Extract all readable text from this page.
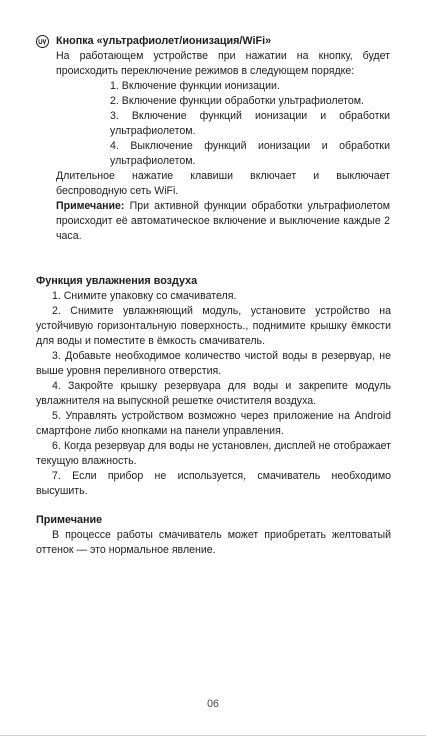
Кнопка «ультрафиолет/ионизация/WiFi»

На работающем устройстве при нажатии на кнопку, будет происходить переключение режимов в следующем порядке:

1. Включение функции ионизации.
2. Включение функции обработки ультрафиолетом.
3. Включение функций ионизации и обработки ультрафиолетом.
4. Выключение функций ионизации и обработки ультрафиолетом.

Длительное нажатие клавиши включает и выключает беспроводную сеть WiFi.

Примечание: При активной функции обработки ультрафиолетом происходит её автоматическое включение и выключение каждые 2 часа.

Функция увлажнения воздуха

1. Снимите упаковку со смачивателя.

2. Снимите увлажняющий модуль, установите устройство на устойчивую горизонтальную поверхность., поднимите крышку ёмкости для воды и поместите в ёмкость смачиватель.

3. Добавьте необходимое количество чистой воды в резервуар, не выше уровня переливного отверстия.

4. Закройте крышку резервуара для воды и закрепите модуль увлажнителя на выпускной решетке очистителя воздуха.

5. Управлять устройством возможно через приложение на Android смартфоне либо кнопками на панели управления.

6. Когда резервуар для воды не установлен, дисплей не отображает текущую влажность.

7. Если прибор не используется, смачиватель необходимо высушить.

Примечание

В процессе работы смачиватель может приобретать желтоватый оттенок — это нормальное явление.

06
